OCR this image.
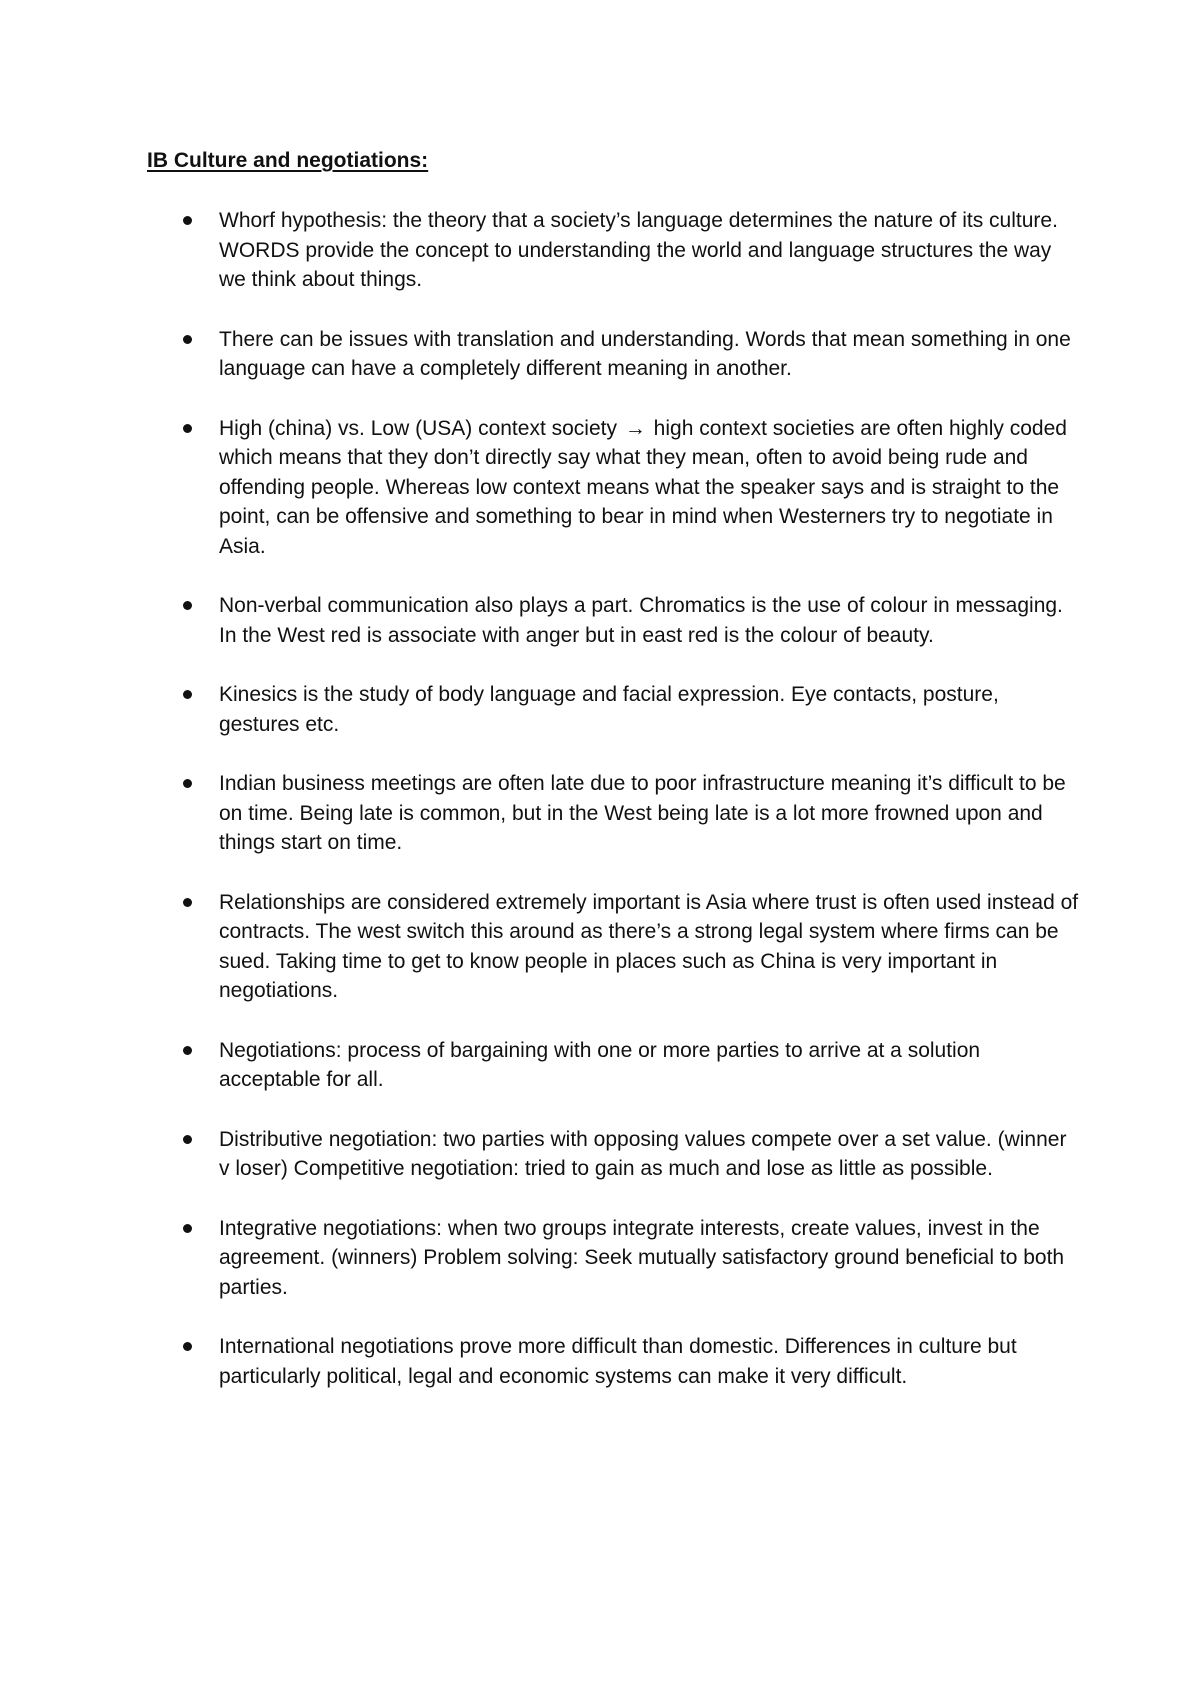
IB Culture and negotiations:
Whorf hypothesis: the theory that a society’s language determines the nature of its culture. WORDS provide the concept to understanding the world and language structures the way we think about things.
There can be issues with translation and understanding. Words that mean something in one language can have a completely different meaning in another.
High (china) vs. Low (USA) context society → high context societies are often highly coded which means that they don’t directly say what they mean, often to avoid being rude and offending people. Whereas low context means what the speaker says and is straight to the point, can be offensive and something to bear in mind when Westerners try to negotiate in Asia.
Non-verbal communication also plays a part. Chromatics is the use of colour in messaging. In the West red is associate with anger but in east red is the colour of beauty.
Kinesics is the study of body language and facial expression. Eye contacts, posture, gestures etc.
Indian business meetings are often late due to poor infrastructure meaning it’s difficult to be on time. Being late is common, but in the West being late is a lot more frowned upon and things start on time.
Relationships are considered extremely important is Asia where trust is often used instead of contracts. The west switch this around as there’s a strong legal system where firms can be sued. Taking time to get to know people in places such as China is very important in negotiations.
Negotiations: process of bargaining with one or more parties to arrive at a solution acceptable for all.
Distributive negotiation: two parties with opposing values compete over a set value. (winner v loser) Competitive negotiation: tried to gain as much and lose as little as possible.
Integrative negotiations: when two groups integrate interests, create values, invest in the agreement. (winners) Problem solving: Seek mutually satisfactory ground beneficial to both parties.
International negotiations prove more difficult than domestic. Differences in culture but particularly political, legal and economic systems can make it very difficult.
